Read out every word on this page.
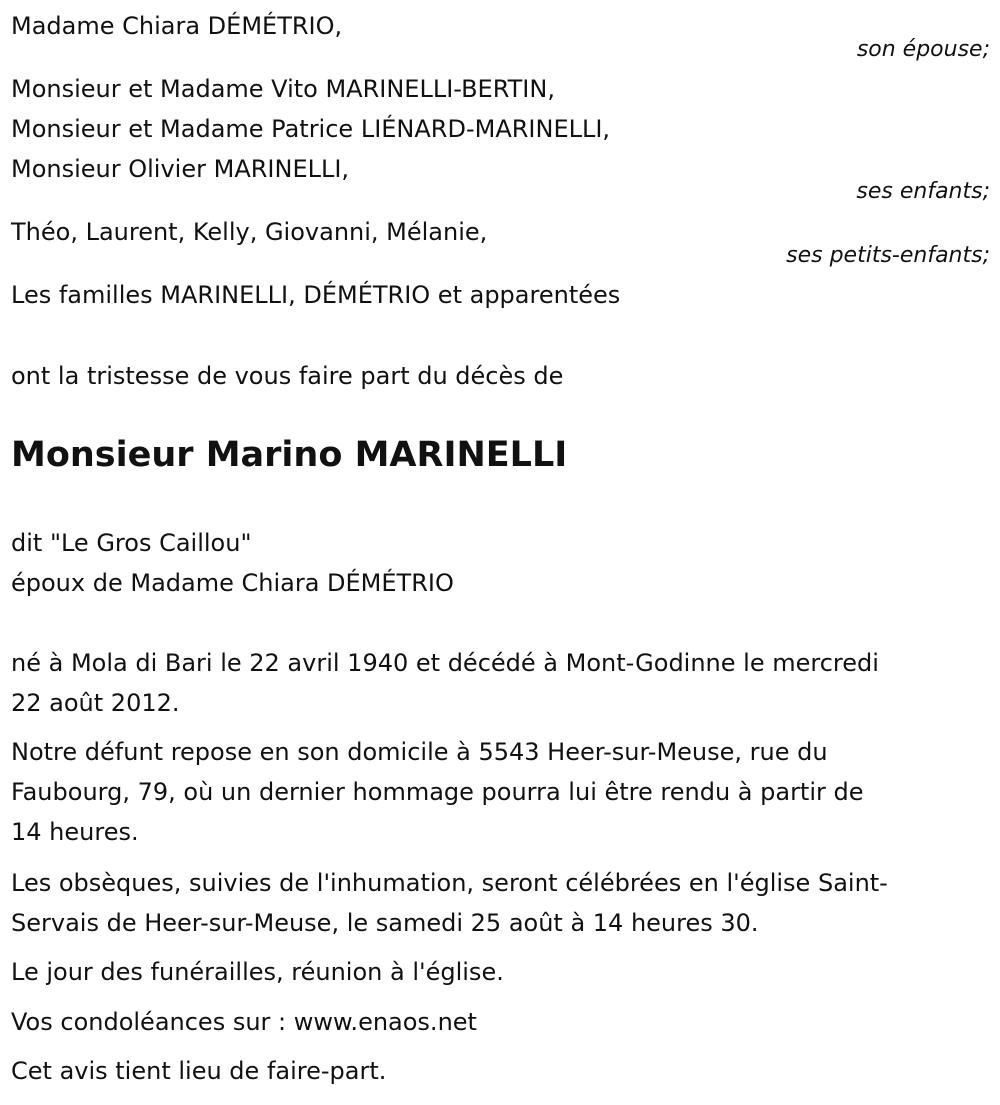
Madame Chiara DÉMÉTRIO,

son épouse;

Monsieur et Madame Vito MARINELLI-BERTIN,

Monsieur et Madame Patrice LIÉNARD-MARINELLI,

Monsieur Olivier MARINELLI,

ses enfants;

Théo, Laurent, Kelly, Giovanni, Mélanie,

ses petits-enfants;

Les familles MARINELLI, DÉMÉTRIO et apparentées

ont la tristesse de vous faire part du décès de

Monsieur Marino MARINELLI

dit "Le Gros Caillou"

époux de Madame Chiara DÉMÉTRIO

né à Mola di Bari le 22 avril 1940 et décédé à Mont-Godinne le mercredi

22 août 2012.

Notre défunt repose en son domicile à 5543 Heer-sur-Meuse, rue du

Faubourg, 79, où un dernier hommage pourra lui être rendu à partir de

14 heures.

Les obsèques, suivies de l'inhumation, seront célébrées en l'église Saint-

Servais de Heer-sur-Meuse, le samedi 25 août à 14 heures 30.

Le jour des funérailles, réunion à l'église.

Vos condoléances sur : www.enaos.net

Cet avis tient lieu de faire-part.
